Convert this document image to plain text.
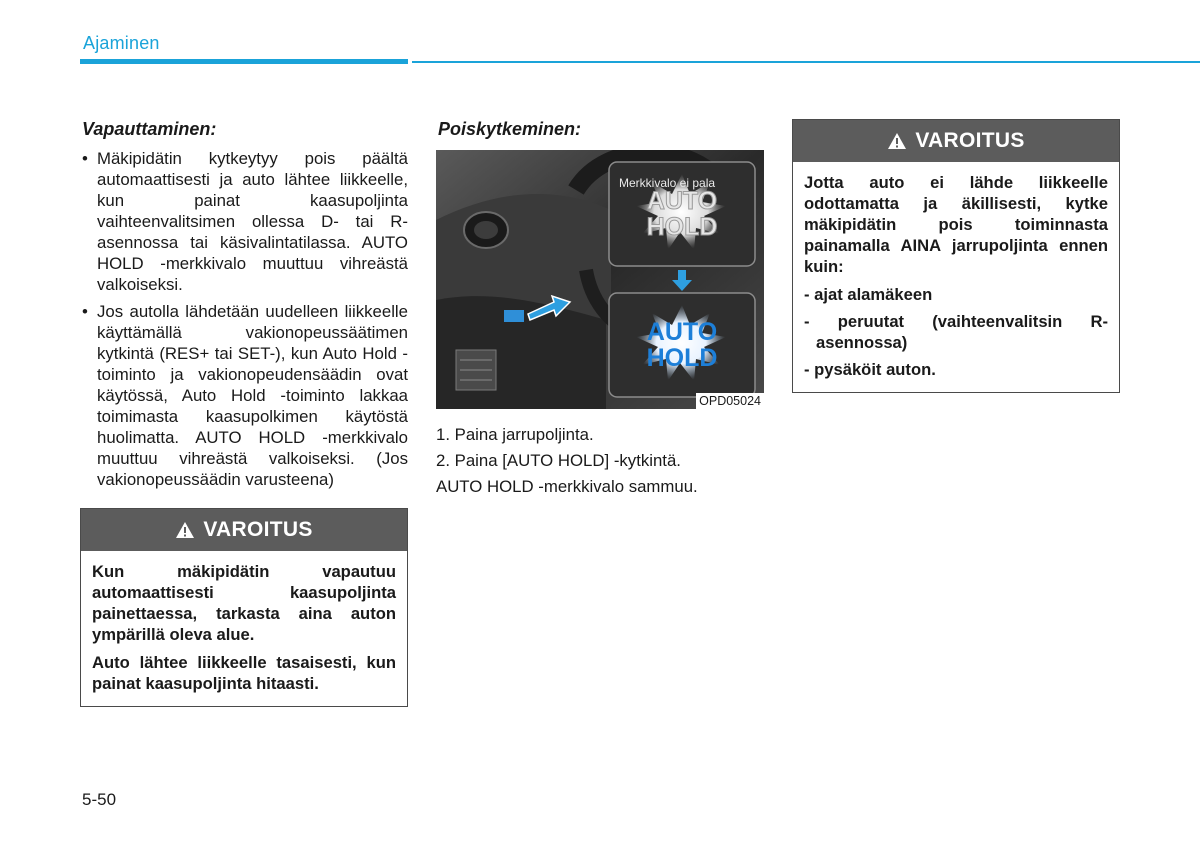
Ajaminen
Vapauttaminen:
• Mäkipidätin kytkeytyy pois päältä automaattisesti ja auto lähtee liikkeelle, kun painat kaasupoljinta vaihteenvalitsimen ollessa D- tai R-asennossa tai käsivalintatilassa. AUTO HOLD -merkkivalo muuttuu vihreästä valkoiseksi.
• Jos autolla lähdetään uudelleen liikkeelle käyttämällä vakionopeussäätimen kytkintä (RES+ tai SET-), kun Auto Hold -toiminto ja vakionopeudensäädin ovat käytössä, Auto Hold -toiminto lakkaa toimimasta kaasupolkimen käytöstä huolimatta. AUTO HOLD -merkkivalo muuttuu vihreästä valkoiseksi. (Jos vakionopeussäädin varusteena)
VAROITUS

Kun mäkipidätin vapautuu automaattisesti kaasupoljinta painettaessa, tarkasta aina auton ympärillä oleva alue.

Auto lähtee liikkeelle tasaisesti, kun painat kaasupoljinta hitaasti.

Poiskytkeminen:
Merkkivalo ei pala
AUTO
HOLD
AUTO
HOLD
OPD05024
1. Paina jarrupoljinta.
2. Paina [AUTO HOLD] -kytkintä.
AUTO HOLD -merkkivalo sammuu.
VAROITUS

Jotta auto ei lähde liikkeelle odottamatta ja äkillisesti, kytke mäkipidätin pois toiminnasta painamalla AINA jarrupoljinta ennen kuin:

- ajat alamäkeen
- peruutat (vaihteenvalitsin R-asennossa)
- pysäköit auton.
5-50
